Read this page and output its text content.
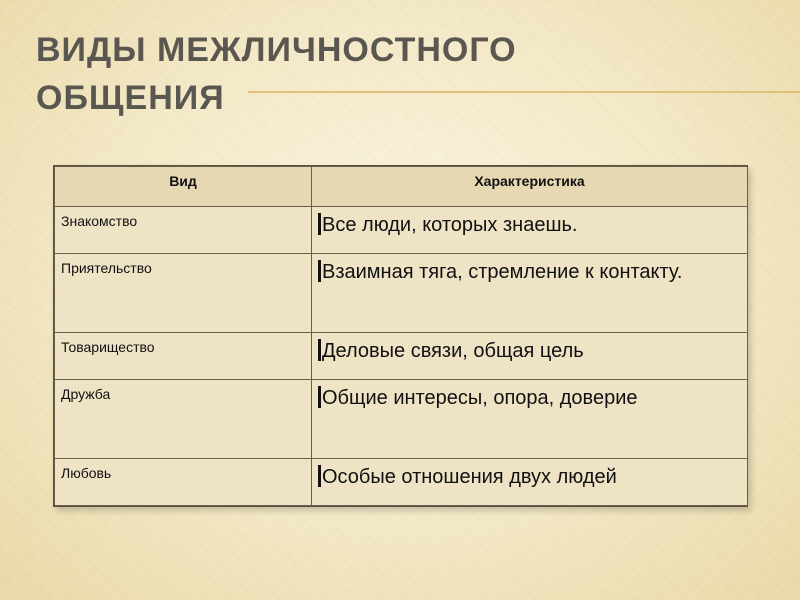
ВИДЫ МЕЖЛИЧНОСТНОГО ОБЩЕНИЯ
Вид	Характеристика
Знакомство	Все люди, которых знаешь.
Приятельство	Взаимная тяга, стремление к контакту.
Товарищество	Деловые связи, общая цель
Дружба	Общие интересы, опора, доверие
Любовь	Особые отношения двух людей
